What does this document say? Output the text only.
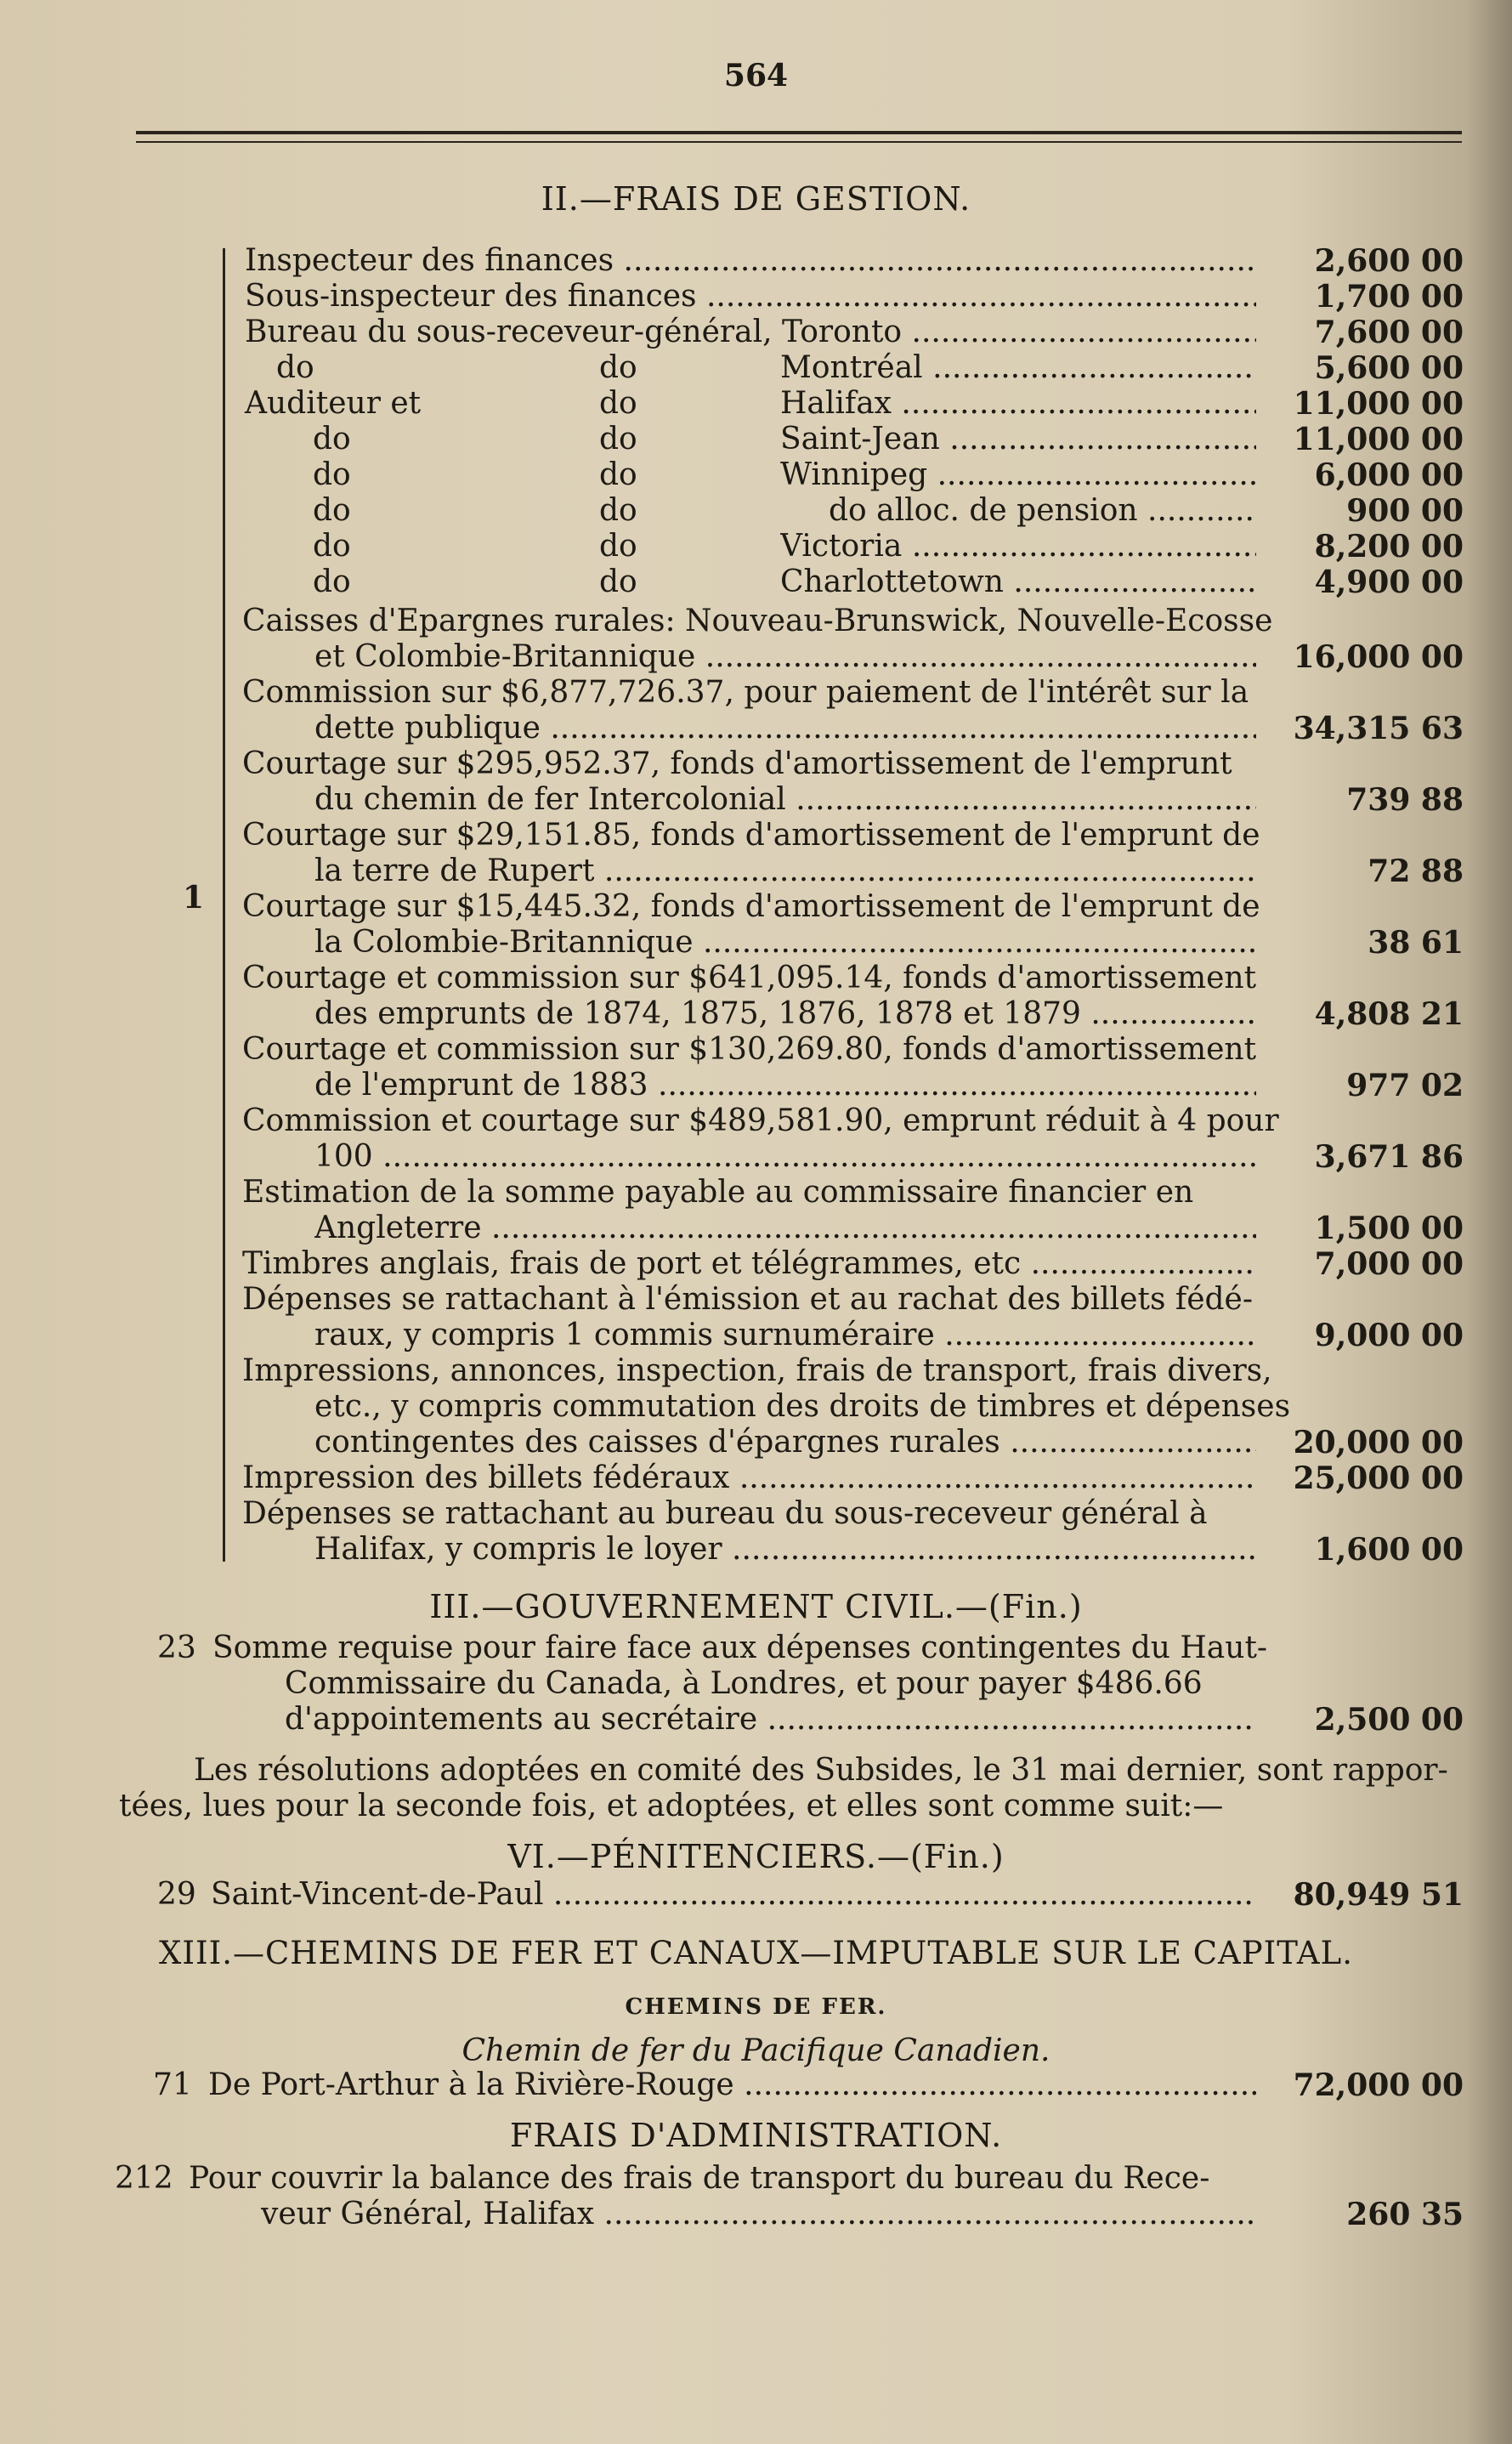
564
II.—FRAIS DE GESTION.
1
Inspecteur des finances .....	2,600 00
Sous-inspecteur des finances .....	1,700 00
Bureau du sous-receveur-général, Toronto .....	7,600 00
do	do	Montréal .....	5,600 00
Auditeur et	do	Halifax .....	11,000 00
do	do	Saint-Jean .....	11,000 00
do	do	Winnipeg .....	6,000 00
do	do	do alloc. de pension .....	900 00
do	do	Victoria .....	8,200 00
do	do	Charlottetown .....	4,900 00
Caisses d'Epargnes rurales: Nouveau-Brunswick, Nouvelle-Ecosse
et Colombie-Britannique .....	16,000 00
Commission sur $6,877,726.37, pour paiement de l'intérêt sur la
dette publique .....	34,315 63
Courtage sur $295,952.37, fonds d'amortissement de l'emprunt
du chemin de fer Intercolonial .....	739 88
Courtage sur $29,151.85, fonds d'amortissement de l'emprunt de
la terre de Rupert .....	72 88
Courtage sur $15,445.32, fonds d'amortissement de l'emprunt de
la Colombie-Britannique .....	38 61
Courtage et commission sur $641,095.14, fonds d'amortissement
des emprunts de 1874, 1875, 1876, 1878 et 1879 .....	4,808 21
Courtage et commission sur $130,269.80, fonds d'amortissement
de l'emprunt de 1883 .....	977 02
Commission et courtage sur $489,581.90, emprunt réduit à 4 pour
100 .....	3,671 86
Estimation de la somme payable au commissaire financier en
Angleterre .....	1,500 00
Timbres anglais, frais de port et télégrammes, etc .....	7,000 00
Dépenses se rattachant à l'émission et au rachat des billets fédé-
raux, y compris 1 commis surnuméraire .....	9,000 00
Impressions, annonces, inspection, frais de transport, frais divers,
etc., y compris commutation des droits de timbres et dépenses
contingentes des caisses d'épargnes rurales .....	20,000 00
Impression des billets fédéraux .....	25,000 00
Dépenses se rattachant au bureau du sous-receveur général à
Halifax, y compris le loyer .....	1,600 00
III.—GOUVERNEMENT CIVIL.—(Fin.)
23 Somme requise pour faire face aux dépenses contingentes du Haut-
Commissaire du Canada, à Londres, et pour payer $486.66
d'appointements au secrétaire .....	2,500 00
Les résolutions adoptées en comité des Subsides, le 31 mai dernier, sont rappor-
tées, lues pour la seconde fois, et adoptées, et elles sont comme suit:—
VI.—PÉNITENCIERS.—(Fin.)
29 Saint-Vincent-de-Paul .....	80,949 51
XIII.—CHEMINS DE FER ET CANAUX—IMPUTABLE SUR LE CAPITAL.
CHEMINS DE FER.
Chemin de fer du Pacifique Canadien.
71 De Port-Arthur à la Rivière-Rouge .....	72,000 00
FRAIS D'ADMINISTRATION.
212 Pour couvrir la balance des frais de transport du bureau du Rece-
veur Général, Halifax .....	260 35
